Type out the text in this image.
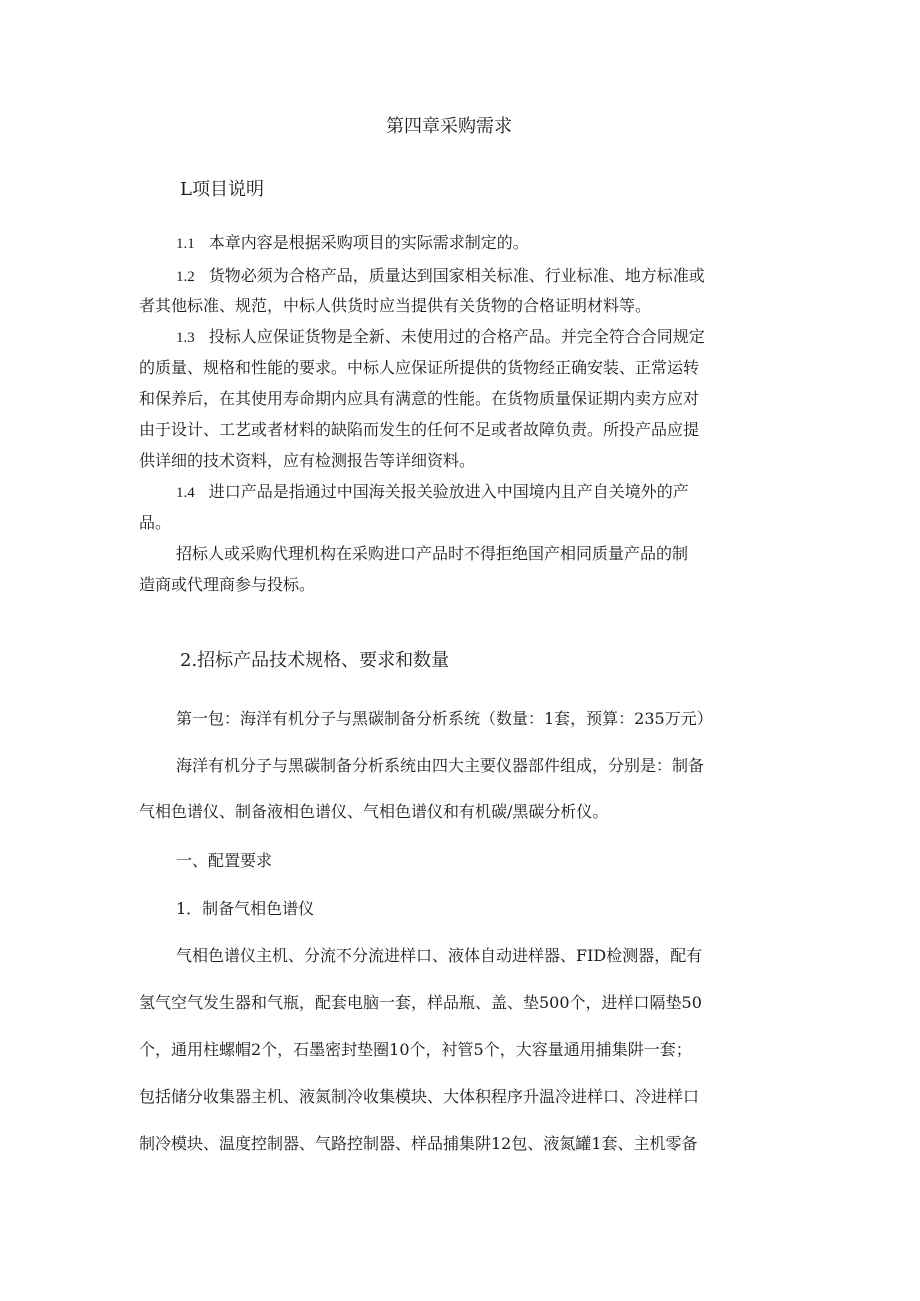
第四章采购需求
L项目说明
1.1 本章内容是根据采购项目的实际需求制定的。
1.2 货物必须为合格产品，质量达到国家相关标准、行业标准、地方标准或
者其他标准、规范，中标人供货时应当提供有关货物的合格证明材料等。
1.3 投标人应保证货物是全新、未使用过的合格产品。并完全符合合同规定
的质量、规格和性能的要求。中标人应保证所提供的货物经正确安装、正常运转
和保养后，在其使用寿命期内应具有满意的性能。在货物质量保证期内卖方应对
由于设计、工艺或者材料的缺陷而发生的任何不足或者故障负责。所投产品应提
供详细的技术资料，应有检测报告等详细资料。
1.4 进口产品是指通过中国海关报关验放进入中国境内且产自关境外的产
品。
招标人或采购代理机构在采购进口产品时不得拒绝国产相同质量产品的制
造商或代理商参与投标。
2.招标产品技术规格、要求和数量
第一包：海洋有机分子与黑碳制备分析系统（数量：1套，预算：235万元）
海洋有机分子与黑碳制备分析系统由四大主要仪器部件组成，分别是：制备
气相色谱仪、制备液相色谱仪、气相色谱仪和有机碳/黑碳分析仪。
一、配置要求
1．制备气相色谱仪
气相色谱仪主机、分流不分流进样口、液体自动进样器、FID检测器，配有
氢气空气发生器和气瓶，配套电脑一套，样品瓶、盖、垫500个，进样口隔垫50
个，通用柱螺帽2个，石墨密封垫圈10个，衬管5个，大容量通用捕集阱一套；
包括储分收集器主机、液氮制冷收集模块、大体积程序升温冷进样口、冷进样口
制冷模块、温度控制器、气路控制器、样品捕集阱12包、液氮罐1套、主机零备
